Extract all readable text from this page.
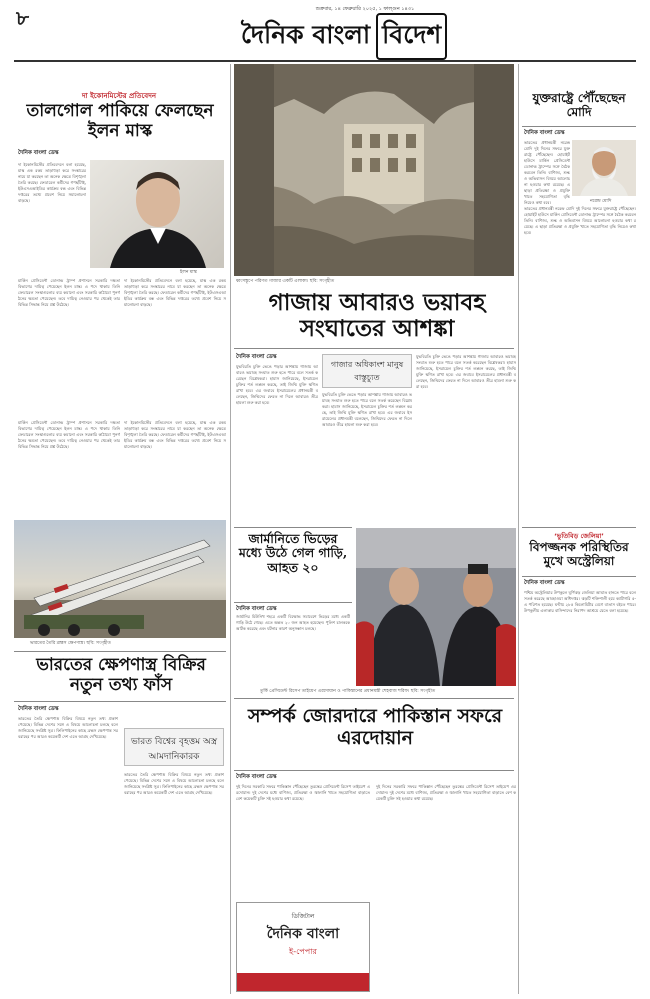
৮	শুক্রবার, ১৪ ফেব্রুয়ারি ২০২৫, ১ ফাল্গুন ১৪৩১
দৈনিক বাংলা বিদেশ
দা ইকোনমিস্টের প্রতিবেদন
তালগোল পাকিয়ে ফেলছেন ইলন মাস্ক
দৈনিক বাংলা ডেস্ক
ইলন মাস্ক
দা ইকোনমিস্টের প্রতিবেদনে বলা হয়েছে, মাস্ক এক রকম তাড়াহুড়া করে সংস্কারের নামে যা করছেন তা অনেক ক্ষেত্রে বিশৃঙ্খলা তৈরি করছে। ফেডারেল কর্মীদের গণছাঁটাই, ইউএসএআইডির কার্যক্রম বন্ধ এবং বিভিন্ন দপ্তরের তথ্যে প্রবেশ নিয়ে সমালোচনা বাড়ছে।
মার্কিন প্রেসিডেন্ট ডোনাল্ড ট্রাম্প প্রশাসনে সরকারি দক্ষতা বিভাগের দায়িত্ব পেয়েছেন ইলন মাস্ক। এ পদে থাকায় তিনি ফেডারেল সংস্থাগুলোর ব্যয় কমানো এবং সরকারি কাঠামো পুনর্গঠনের ক্ষমতা পেয়েছেন। তবে দায়িত্ব নেওয়ার পর থেকেই তার বিভিন্ন সিদ্ধান্ত নিয়ে প্রশ্ন উঠেছে।
দা ইকোনমিস্টের প্রতিবেদনে বলা হয়েছে, মাস্ক এক রকম তাড়াহুড়া করে সংস্কারের নামে যা করছেন তা অনেক ক্ষেত্রে বিশৃঙ্খলা তৈরি করছে। ফেডারেল কর্মীদের গণছাঁটাই, ইউএসএআইডির কার্যক্রম বন্ধ এবং বিভিন্ন দপ্তরের তথ্যে প্রবেশ নিয়ে সমালোচনা বাড়ছে।
মার্কিন প্রেসিডেন্ট ডোনাল্ড ট্রাম্প প্রশাসনে সরকারি দক্ষতা বিভাগের দায়িত্ব পেয়েছেন ইলন মাস্ক। এ পদে থাকায় তিনি ফেডারেল সংস্থাগুলোর ব্যয় কমানো এবং সরকারি কাঠামো পুনর্গঠনের ক্ষমতা পেয়েছেন। তবে দায়িত্ব নেওয়ার পর থেকেই তার বিভিন্ন সিদ্ধান্ত নিয়ে প্রশ্ন উঠেছে।
দা ইকোনমিস্টের প্রতিবেদনে বলা হয়েছে, মাস্ক এক রকম তাড়াহুড়া করে সংস্কারের নামে যা করছেন তা অনেক ক্ষেত্রে বিশৃঙ্খলা তৈরি করছে। ফেডারেল কর্মীদের গণছাঁটাই, ইউএসএআইডির কার্যক্রম বন্ধ এবং বিভিন্ন দপ্তরের তথ্যে প্রবেশ নিয়ে সমালোচনা বাড়ছে।
ভারতের তৈরি ব্রহ্মস ক্ষেপণাস্ত্র। ছবি: সংগৃহীত
ভারতের ক্ষেপণাস্ত্র বিক্রির নতুন তথ্য ফাঁস
দৈনিক বাংলা ডেস্ক
ভারতের তৈরি ক্ষেপণাস্ত্র বিক্রির বিষয়ে নতুন তথ্য প্রকাশ পেয়েছে। বিভিন্ন দেশের সঙ্গে এ বিষয়ে আলোচনা চলছে বলে জানিয়েছে সংশ্লিষ্ট সূত্র। ফিলিপাইনের কাছে ব্রহ্মস ক্ষেপণাস্ত্র সরবরাহের পর আরও কয়েকটি দেশ এতে আগ্রহ দেখিয়েছে।
ভারত বিশ্বের বৃহত্তম অস্ত্র আমদানিকারক
ভারতের তৈরি ক্ষেপণাস্ত্র বিক্রির বিষয়ে নতুন তথ্য প্রকাশ পেয়েছে। বিভিন্ন দেশের সঙ্গে এ বিষয়ে আলোচনা চলছে বলে জানিয়েছে সংশ্লিষ্ট সূত্র। ফিলিপাইনের কাছে ব্রহ্মস ক্ষেপণাস্ত্র সরবরাহের পর আরও কয়েকটি দেশ এতে আগ্রহ দেখিয়েছে।
ধ্বংসস্তূপে পরিণত গাজার একটি এলাকা। ছবি: সংগৃহীত
গাজায় আবারও ভয়াবহ সংঘাতের আশঙ্কা
দৈনিক বাংলা ডেস্ক
যুদ্ধবিরতি চুক্তি ভেঙে পড়ার আশঙ্কায় গাজায় আবারও ভয়াবহ সংঘাত শুরু হতে পারে বলে সতর্ক করেছেন বিশ্লেষকরা। হামাস জানিয়েছে, ইসরায়েল চুক্তির শর্ত লঙ্ঘন করছে, তাই জিম্মি মুক্তি স্থগিত রাখা হবে। এর জবাবে ইসরায়েলের প্রধানমন্ত্রী বলেছেন, জিম্মিদের ফেরত না দিলে আবারও তীব্র হামলা শুরু করা হবে।
গাজার অধিকাংশ মানুষ বাস্তুচ্যুত
যুদ্ধবিরতি চুক্তি ভেঙে পড়ার আশঙ্কায় গাজায় আবারও ভয়াবহ সংঘাত শুরু হতে পারে বলে সতর্ক করেছেন বিশ্লেষকরা। হামাস জানিয়েছে, ইসরায়েল চুক্তির শর্ত লঙ্ঘন করছে, তাই জিম্মি মুক্তি স্থগিত রাখা হবে। এর জবাবে ইসরায়েলের প্রধানমন্ত্রী বলেছেন, জিম্মিদের ফেরত না দিলে আবারও তীব্র হামলা শুরু করা হবে।
যুদ্ধবিরতি চুক্তি ভেঙে পড়ার আশঙ্কায় গাজায় আবারও ভয়াবহ সংঘাত শুরু হতে পারে বলে সতর্ক করেছেন বিশ্লেষকরা। হামাস জানিয়েছে, ইসরায়েল চুক্তির শর্ত লঙ্ঘন করছে, তাই জিম্মি মুক্তি স্থগিত রাখা হবে। এর জবাবে ইসরায়েলের প্রধানমন্ত্রী বলেছেন, জিম্মিদের ফেরত না দিলে আবারও তীব্র হামলা শুরু করা হবে।
জার্মানিতে ভিড়ের মধ্যে উঠে গেল গাড়ি, আহত ২০
দৈনিক বাংলা ডেস্ক
জার্মানির মিউনিখ শহরে একটি বিক্ষোভ সমাবেশে ভিড়ের মধ্যে একটি গাড়ি উঠে গেছে। এতে অন্তত ২০ জন আহত হয়েছেন। পুলিশ চালককে আটক করেছে এবং ঘটনার কারণ অনুসন্ধান চলছে।
তুর্কি প্রেসিডেন্ট রিসেপ তাইয়েপ এরদোয়ান ও পাকিস্তানের প্রধানমন্ত্রী শেহবাজ শরিফ। ছবি: সংগৃহীত
সম্পর্ক জোরদারে পাকিস্তান সফরে এরদোয়ান
দৈনিক বাংলা ডেস্ক
দুই দিনের সরকারি সফরে পাকিস্তান পৌঁছেছেন তুরস্কের প্রেসিডেন্ট রিসেপ তাইয়েপ এরদোয়ান। দুই দেশের মধ্যে বাণিজ্য, প্রতিরক্ষা ও জ্বালানি খাতে সহযোগিতা বাড়াতে বেশ কয়েকটি চুক্তি সই হওয়ার কথা রয়েছে।
দুই দিনের সরকারি সফরে পাকিস্তান পৌঁছেছেন তুরস্কের প্রেসিডেন্ট রিসেপ তাইয়েপ এরদোয়ান। দুই দেশের মধ্যে বাণিজ্য, প্রতিরক্ষা ও জ্বালানি খাতে সহযোগিতা বাড়াতে বেশ কয়েকটি চুক্তি সই হওয়ার কথা রয়েছে।
ডিজিটাল
দৈনিক বাংলা
ই-পেপার
যুক্তরাষ্ট্রে পৌঁছেছেন মোদি
দৈনিক বাংলা ডেস্ক
নরেন্দ্র মোদি
ভারতের প্রধানমন্ত্রী নরেন্দ্র মোদি দুই দিনের সফরে যুক্তরাষ্ট্রে পৌঁছেছেন। হোয়াইট হাউসে মার্কিন প্রেসিডেন্ট ডোনাল্ড ট্রাম্পের সঙ্গে বৈঠক করবেন তিনি। বাণিজ্য, শুল্ক ও অভিবাসন বিষয়ে আলোচনা হওয়ার কথা রয়েছে। এ ছাড়া প্রতিরক্ষা ও প্রযুক্তি খাতে সহযোগিতা বৃদ্ধি নিয়েও কথা হবে।
ভারতের প্রধানমন্ত্রী নরেন্দ্র মোদি দুই দিনের সফরে যুক্তরাষ্ট্রে পৌঁছেছেন। হোয়াইট হাউসে মার্কিন প্রেসিডেন্ট ডোনাল্ড ট্রাম্পের সঙ্গে বৈঠক করবেন তিনি। বাণিজ্য, শুল্ক ও অভিবাসন বিষয়ে আলোচনা হওয়ার কথা রয়েছে। এ ছাড়া প্রতিরক্ষা ও প্রযুক্তি খাতে সহযোগিতা বৃদ্ধি নিয়েও কথা হবে।
‘ভুতিবিড় জেলিয়া’
বিপজ্জনক পরিস্থিতির মুখে অস্ট্রেলিয়া
দৈনিক বাংলা ডেস্ক
পশ্চিম অস্ট্রেলিয়ার উপকূলে ঘূর্ণিঝড় জেলিয়া আঘাত হানতে পারে বলে সতর্ক করেছে আবহাওয়া অধিদপ্তর। ঝড়টি শক্তিশালী হয়ে ক্যাটাগরি ৫-এ পরিণত হয়েছে। ঘণ্টায় ২৮৫ কিলোমিটার বেগে বাতাস বইতে পারে। উপকূলীয় এলাকার বাসিন্দাদের নিরাপদ আশ্রয়ে যেতে বলা হয়েছে।
